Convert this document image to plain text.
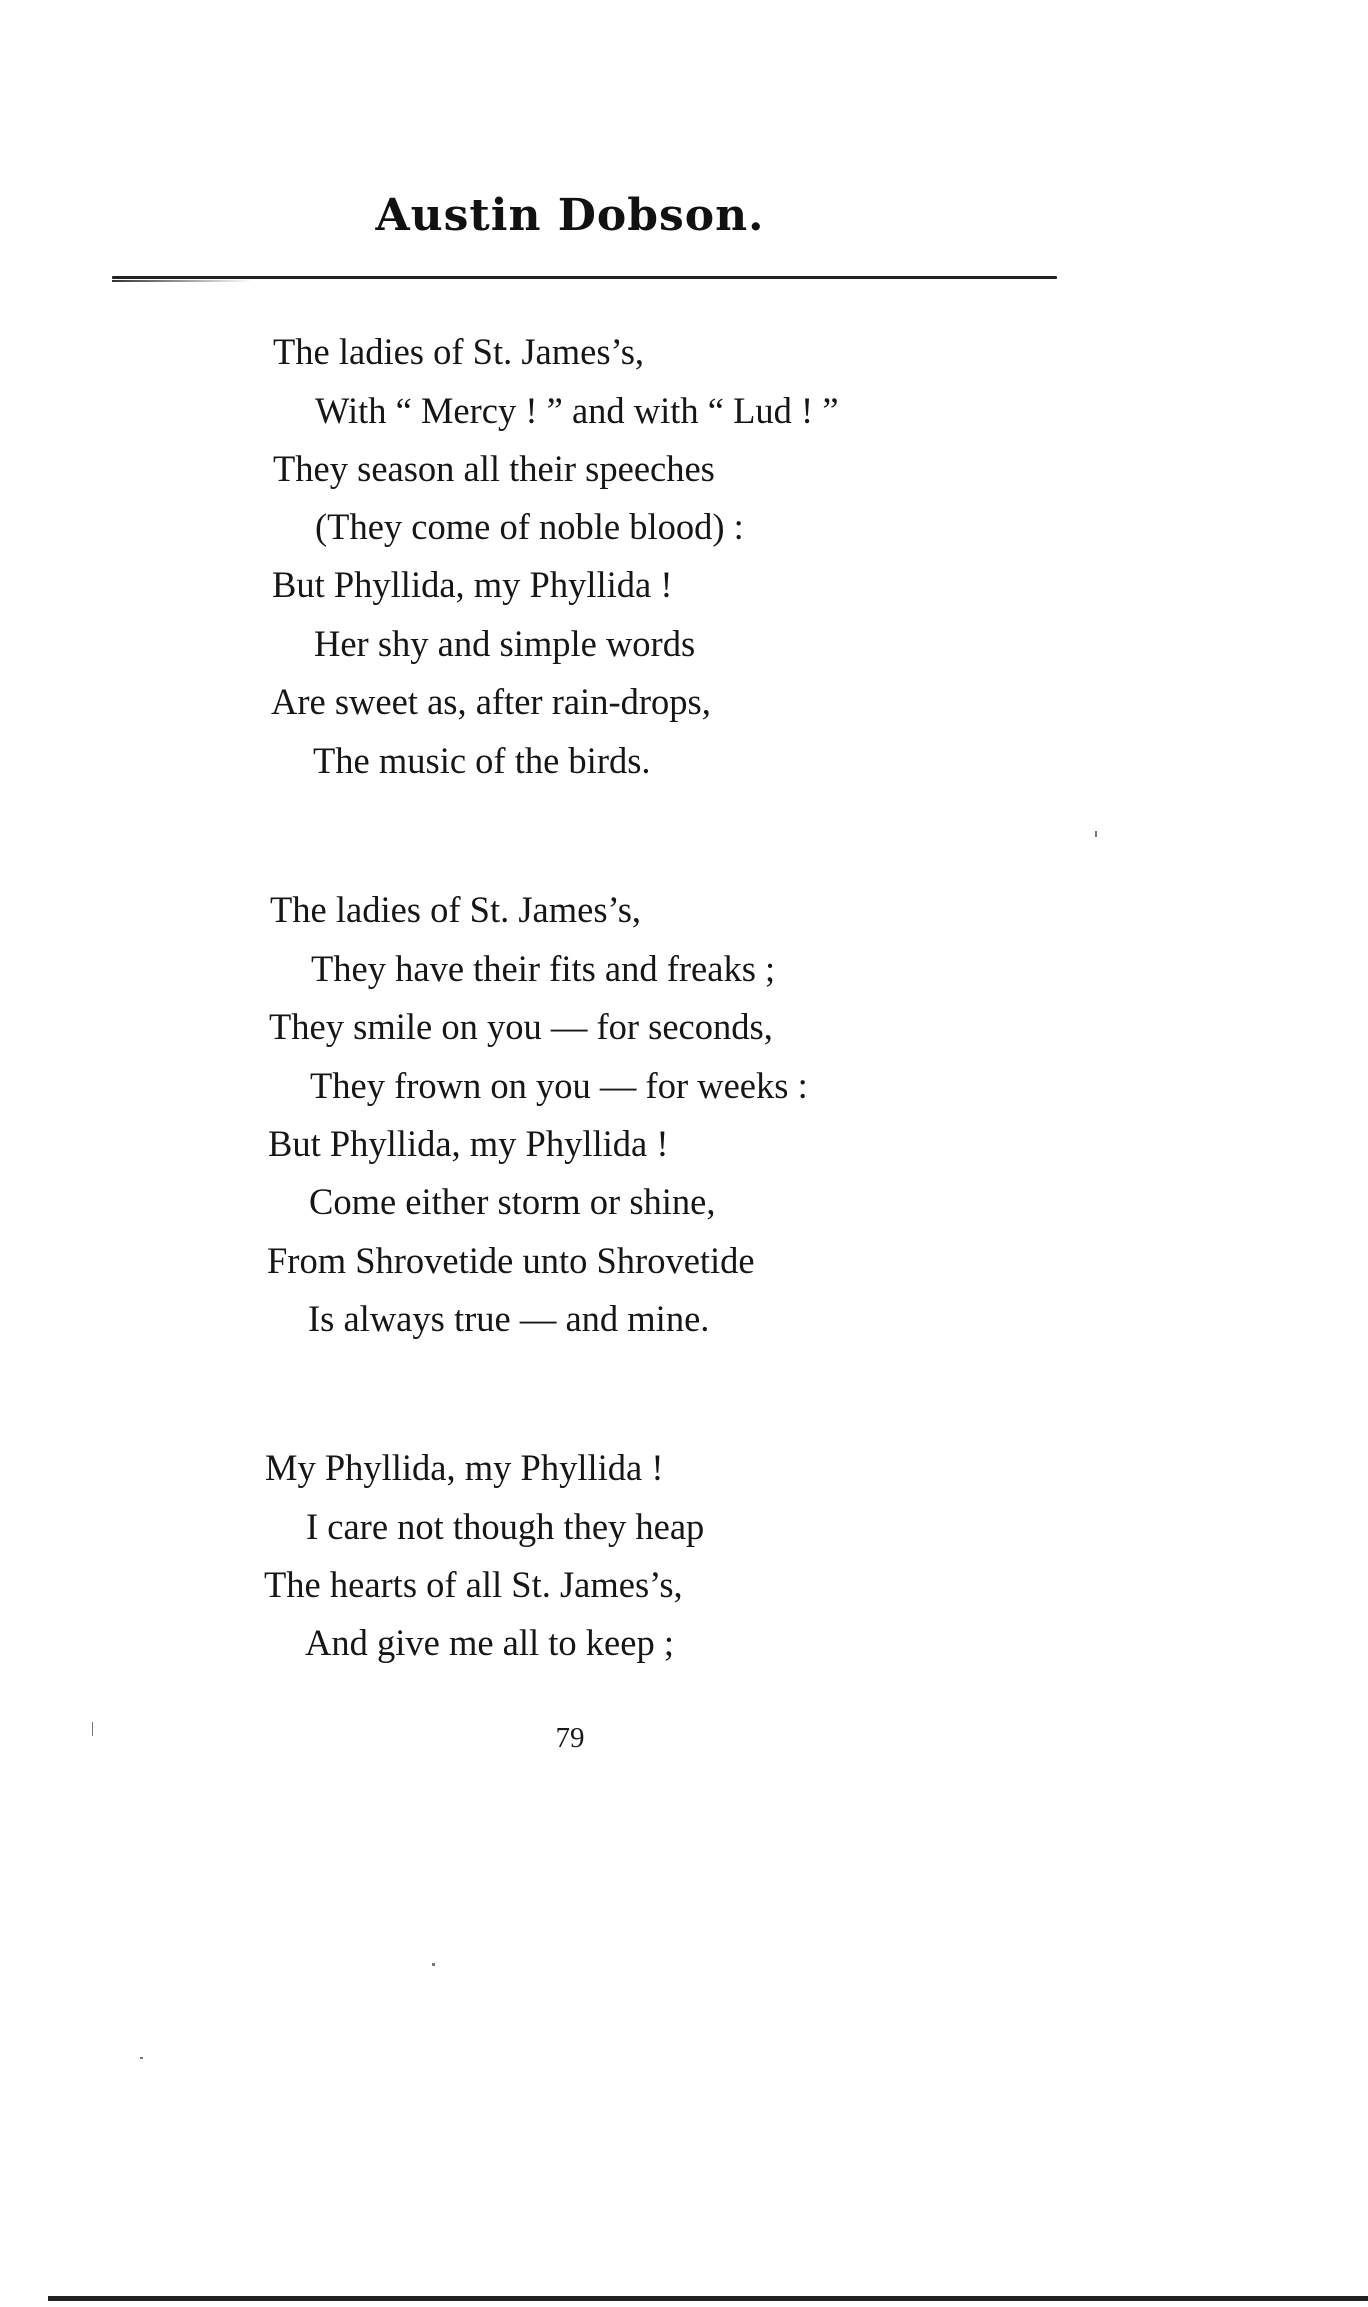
Austin Dobson.
The ladies of St. James’s,
With “ Mercy ! ” and with “ Lud ! ”
They season all their speeches
(They come of noble blood) :
But Phyllida, my Phyllida !
Her shy and simple words
Are sweet as, after rain-drops,
The music of the birds.
The ladies of St. James’s,
They have their fits and freaks ;
They smile on you — for seconds,
They frown on you — for weeks :
But Phyllida, my Phyllida !
Come either storm or shine,
From Shrovetide unto Shrovetide
Is always true — and mine.
My Phyllida, my Phyllida !
I care not though they heap
The hearts of all St. James’s,
And give me all to keep ;
79
